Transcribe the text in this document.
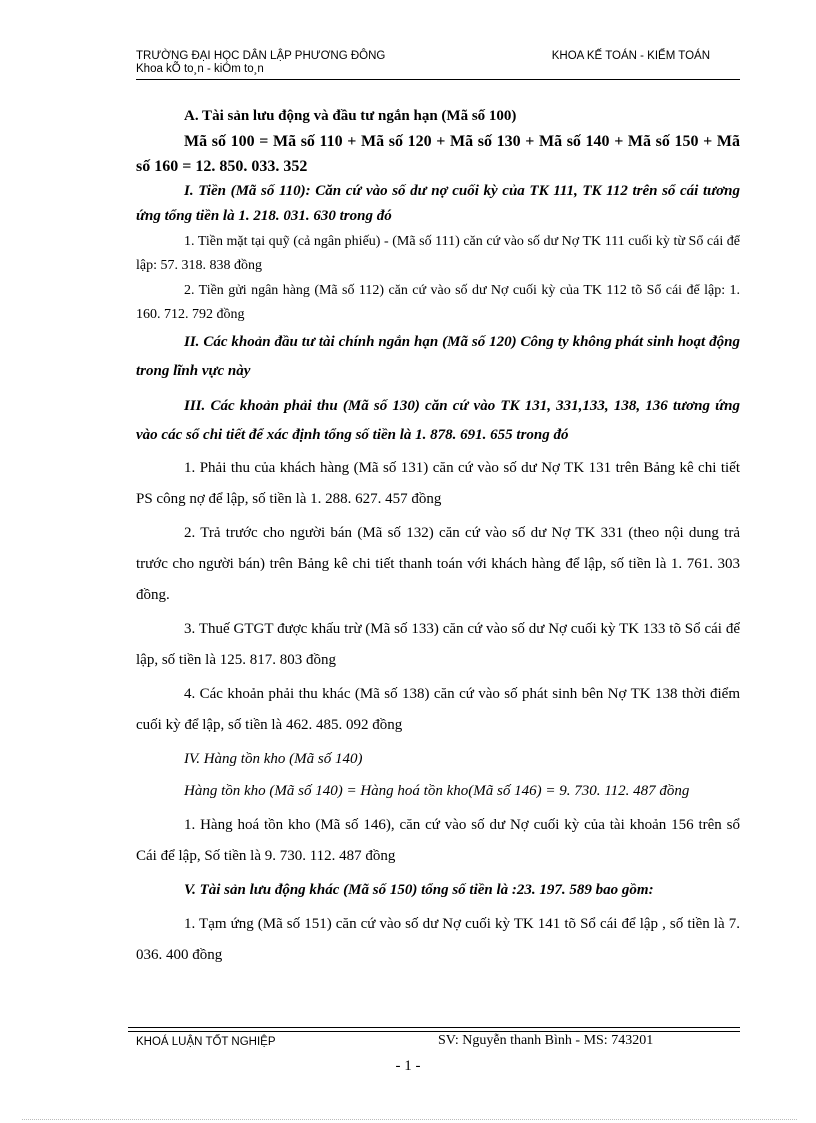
TRƯỜNG ĐẠI HỌC DÂN LẬP PHƯƠNG ĐÔNG
Khoa kÕ to¸n - kiÓm to¸n
KHOA KẾ TOÁN - KIỂM TOÁN

A. Tài sản lưu động và đầu tư ngắn hạn (Mã số 100)

Mã số 100 = Mã số 110 + Mã số 120 + Mã số 130 + Mã số 140 + Mã số 150 + Mã số 160 = 12. 850. 033. 352

I. Tiền (Mã số 110): Căn cứ vào số dư nợ cuối kỳ của TK 111, TK 112 trên sổ cái tương ứng tổng tiền là 1. 218. 031. 630 trong đó

1. Tiền mặt tại quỹ (cả ngân phiếu) - (Mã số 111) căn cứ vào số dư Nợ TK 111 cuối kỳ từ Sổ cái để lập: 57. 318. 838 đồng

2. Tiền gửi ngân hàng (Mã số 112) căn cứ vào số dư Nợ cuối kỳ của TK 112 tõ Sổ cái để lập: 1. 160. 712. 792 đồng

II. Các khoản đầu tư tài chính ngắn hạn (Mã số 120) Công ty không phát sinh hoạt động trong lĩnh vực này

III. Các khoản phải thu (Mã số 130) căn cứ vào TK 131, 331,133, 138, 136 tương ứng vào các sổ chi tiết để xác định tổng số tiền là 1. 878. 691. 655 trong đó

1. Phải thu của khách hàng (Mã số 131) căn cứ vào số dư Nợ TK 131 trên Bảng kê chi tiết PS công nợ để lập, số tiền là 1. 288. 627. 457 đồng

2. Trả trước cho người bán (Mã số 132) căn cứ vào số dư Nợ TK 331 (theo nội dung trả trước cho người bán) trên Bảng kê chi tiết thanh toán với khách hàng để lập, số tiền là 1. 761. 303 đồng.

3. Thuế GTGT được khấu trừ (Mã số 133) căn cứ vào số dư Nợ cuối kỳ TK 133 tõ Sổ cái để lập, số tiền là 125. 817. 803 đồng

4. Các khoản phải thu khác (Mã số 138) căn cứ vào số phát sinh bên Nợ TK 138 thời điểm cuối kỳ để lập, số tiền là 462. 485. 092 đồng

IV. Hàng tồn kho (Mã số 140)

Hàng tồn kho (Mã số 140) = Hàng hoá tồn kho(Mã số 146) = 9. 730. 112. 487 đồng

1. Hàng hoá tồn kho (Mã số 146), căn cứ vào số dư Nợ cuối kỳ của tài khoản 156 trên sổ Cái để lập, Số tiền là 9. 730. 112. 487 đồng

V. Tài sản lưu động khác (Mã số 150) tổng số tiền là :23. 197. 589 bao gồm:

1. Tạm ứng (Mã số 151) căn cứ vào số dư Nợ cuối kỳ TK 141 tõ Sổ cái để lập , số tiền là 7. 036. 400 đồng

KHOÁ LUẬN TỐT NGHIỆP	SV: Nguyễn thanh Bình - MS: 743201
- 1 -
